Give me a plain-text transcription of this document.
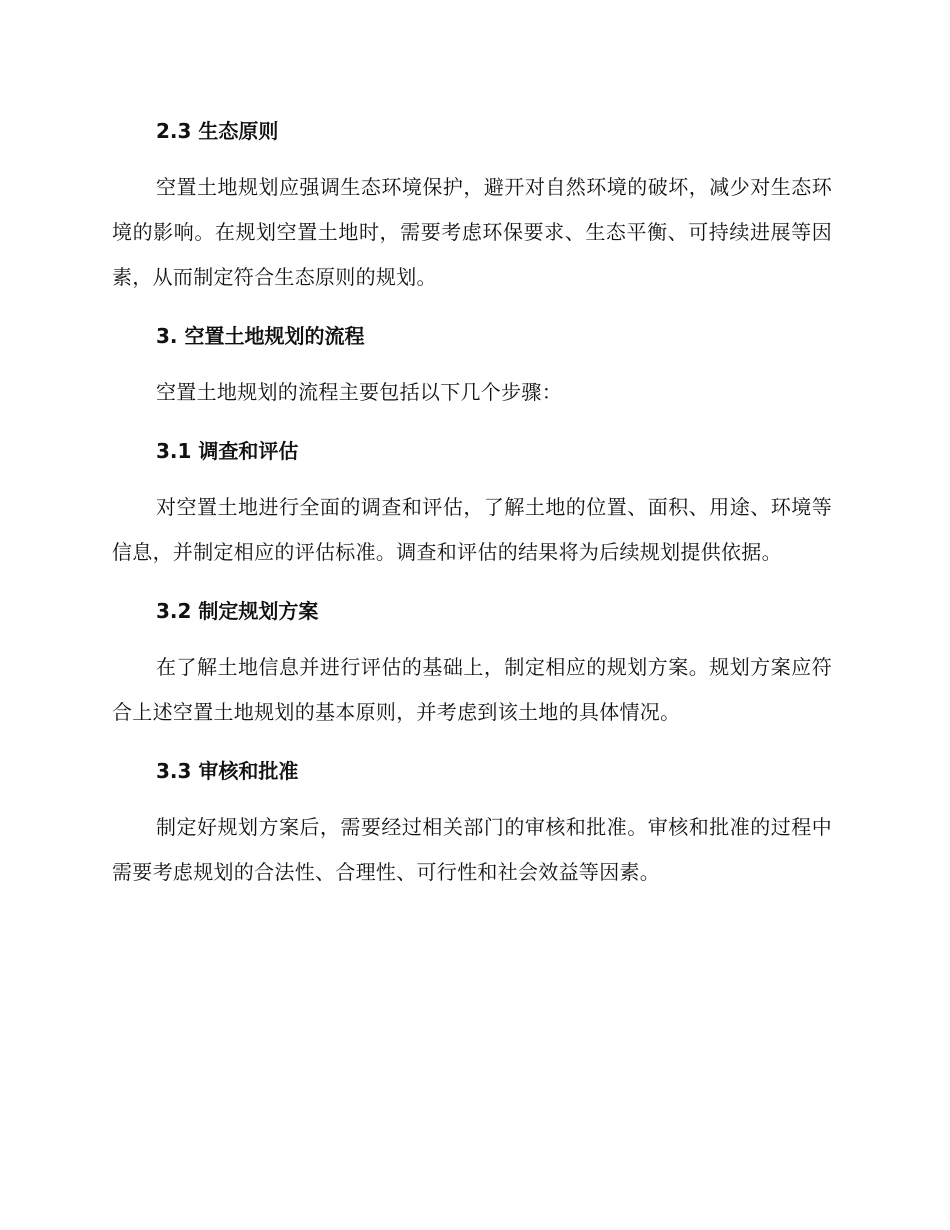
2.3 生态原则

空置土地规划应强调生态环境保护，避开对自然环境的破坏，减少对生态环境的影响。在规划空置土地时，需要考虑环保要求、生态平衡、可持续进展等因素，从而制定符合生态原则的规划。

3. 空置土地规划的流程

空置土地规划的流程主要包括以下几个步骤：

3.1 调查和评估

对空置土地进行全面的调查和评估，了解土地的位置、面积、用途、环境等信息，并制定相应的评估标准。调查和评估的结果将为后续规划提供依据。

3.2 制定规划方案

在了解土地信息并进行评估的基础上，制定相应的规划方案。规划方案应符合上述空置土地规划的基本原则，并考虑到该土地的具体情况。

3.3 审核和批准

制定好规划方案后，需要经过相关部门的审核和批准。审核和批准的过程中需要考虑规划的合法性、合理性、可行性和社会效益等因素。
